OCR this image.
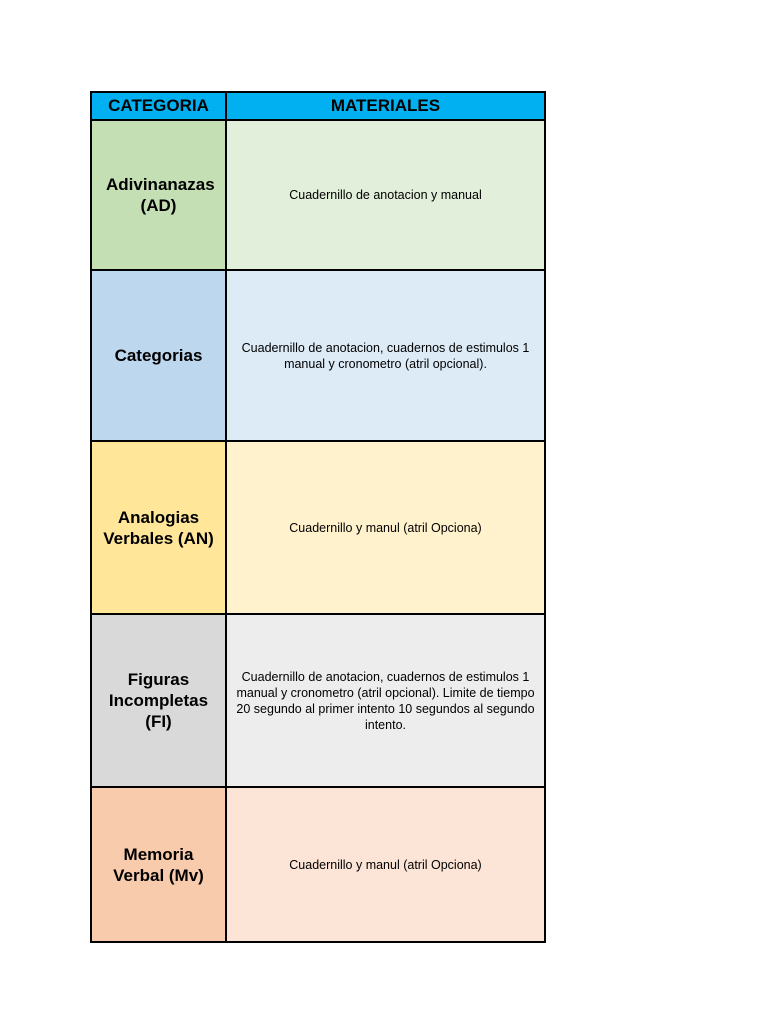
CATEGORIA	MATERIALES
Adivinanazas (AD)	Cuadernillo de anotacion y manual
Categorias	Cuadernillo de anotacion, cuadernos de estimulos 1 manual y cronometro (atril opcional).
Analogias Verbales (AN)	Cuadernillo y manul (atril Opciona)
Figuras Incompletas (FI)	Cuadernillo de anotacion, cuadernos de estimulos 1 manual y cronometro (atril opcional). Limite de tiempo 20 segundo al primer intento 10 segundos al segundo intento.
Memoria Verbal (Mv)	Cuadernillo y manul (atril Opciona)
